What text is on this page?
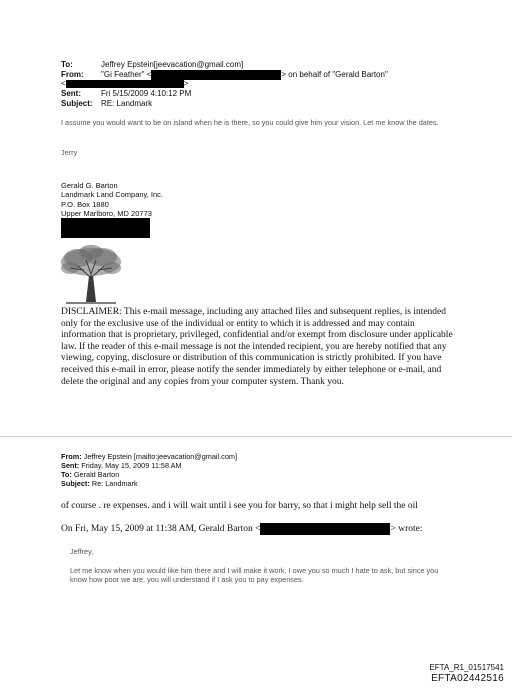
To:	Jeffrey Epstein[jeevacation@gmail.com]
From: "Gi Feather" <	> on behalf of "Gerald Barton"
<	>
Sent:	Fri 5/15/2009 4:10:12 PM
Subject: RE: Landmark
I assume you would want to be on island when he is there, so you could give him your vision. Let me know the dates.
Jerry
Gerald G. Barton
Landmark Land Company, Inc.
P.O. Box 1880
Upper Marlboro, MD 20773
DISCLAIMER: This e-mail message, including any attached files and subsequent replies, is intended only for the exclusive use of the individual or entity to which it is addressed and may contain information that is proprietary, privileged, confidential and/or exempt from disclosure under applicable law. If the reader of this e-mail message is not the intended recipient, you are hereby notified that any viewing, copying, disclosure or distribution of this communication is strictly prohibited. If you have received this e-mail in error, please notify the sender immediately by either telephone or e-mail, and delete the original and any copies from your computer system. Thank you.
From: Jeffrey Epstein [mailto:jeevacation@gmail.com]
Sent: Friday, May 15, 2009 11:58 AM
To: Gerald Barton
Subject: Re: Landmark
of course . re expenses. and i will wait until i see you for barry, so that i might help sell the oil
On Fri, May 15, 2009 at 11:38 AM, Gerald Barton <	> wrote:
Jeffrey,
Let me know when you would like him there and I will make it work. I owe you so much I hate to ask, but since you know how poor we are, you will understand if I ask you to pay expenses.
EFTA_R1_01517541
EFTA02442516
